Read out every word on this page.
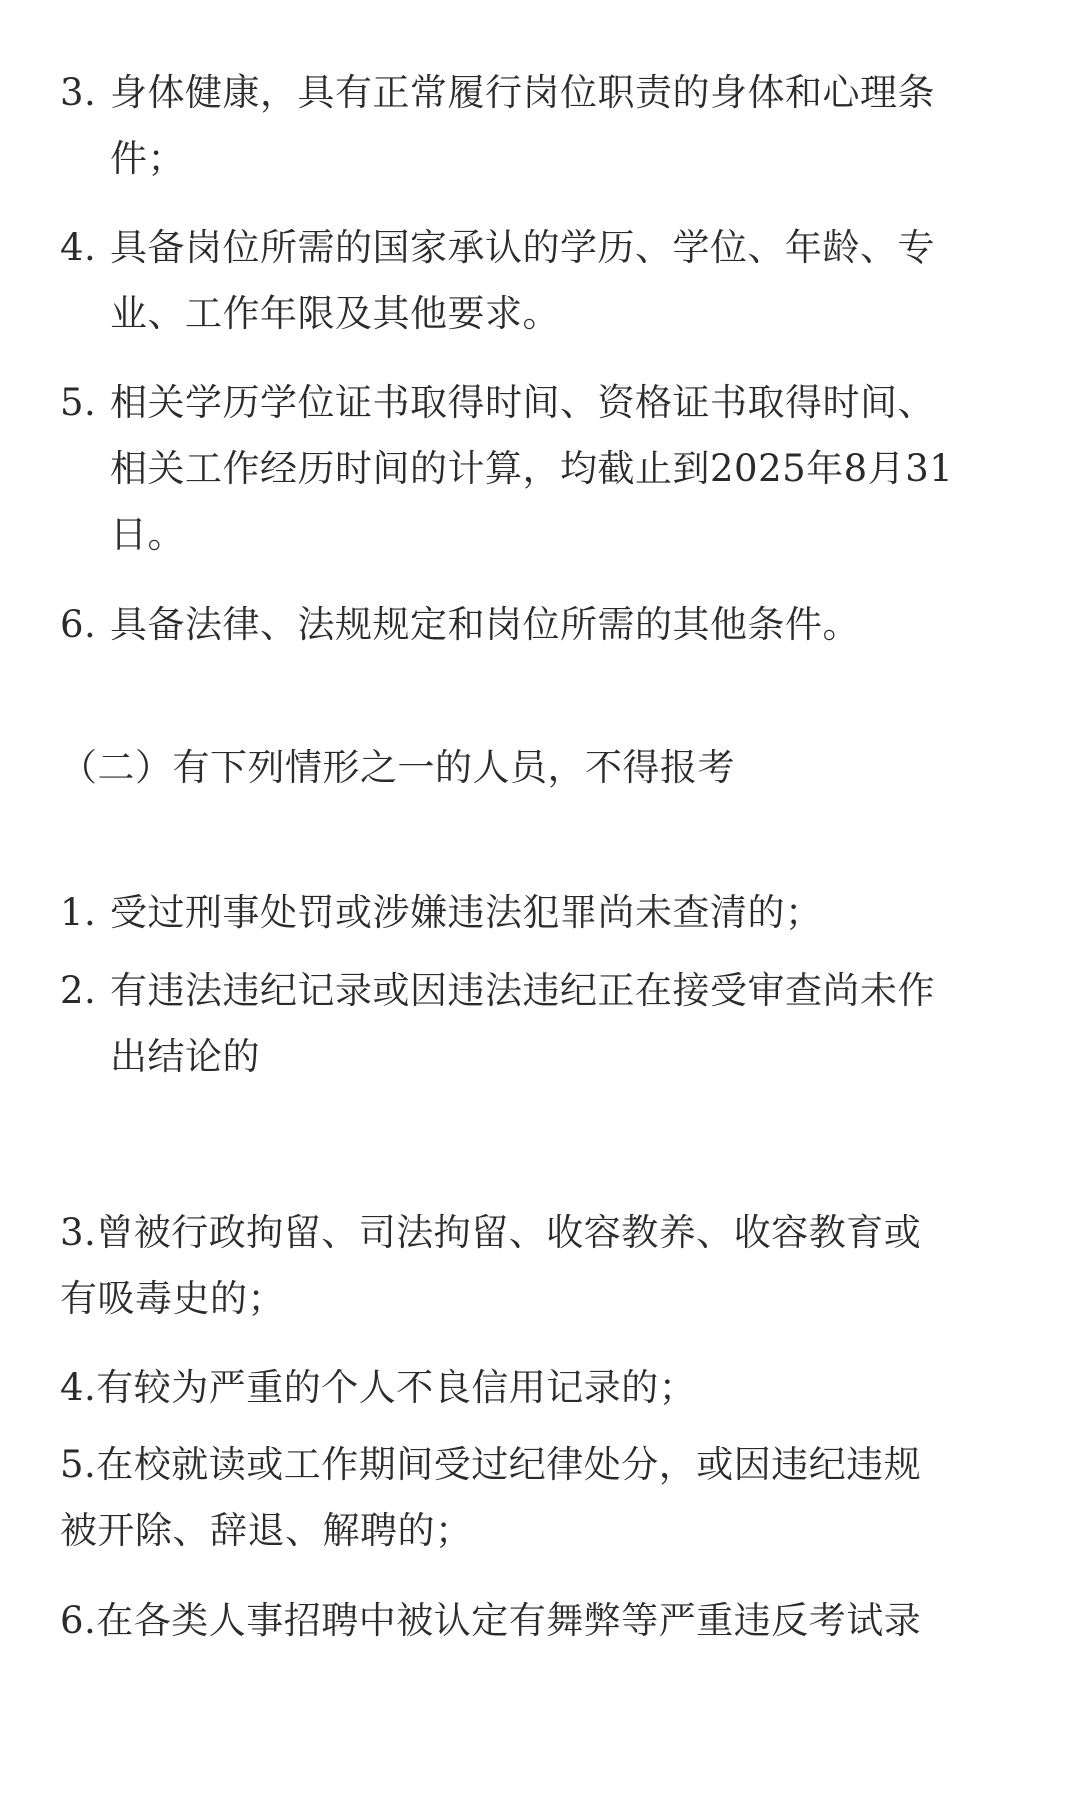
3. 身体健康，具有正常履行岗位职责的身体和心理条
件；
4. 具备岗位所需的国家承认的学历、学位、年龄、专
业、工作年限及其他要求。
5. 相关学历学位证书取得时间、资格证书取得时间、
相关工作经历时间的计算，均截止到2025年8月31
日。
6. 具备法律、法规规定和岗位所需的其他条件。
（二）有下列情形之一的人员，不得报考
1. 受过刑事处罚或涉嫌违法犯罪尚未查清的；
2. 有违法违纪记录或因违法违纪正在接受审查尚未作
出结论的
3.曾被行政拘留、司法拘留、收容教养、收容教育或
有吸毒史的；
4.有较为严重的个人不良信用记录的；
5.在校就读或工作期间受过纪律处分，或因违纪违规
被开除、辞退、解聘的；
6.在各类人事招聘中被认定有舞弊等严重违反考试录
